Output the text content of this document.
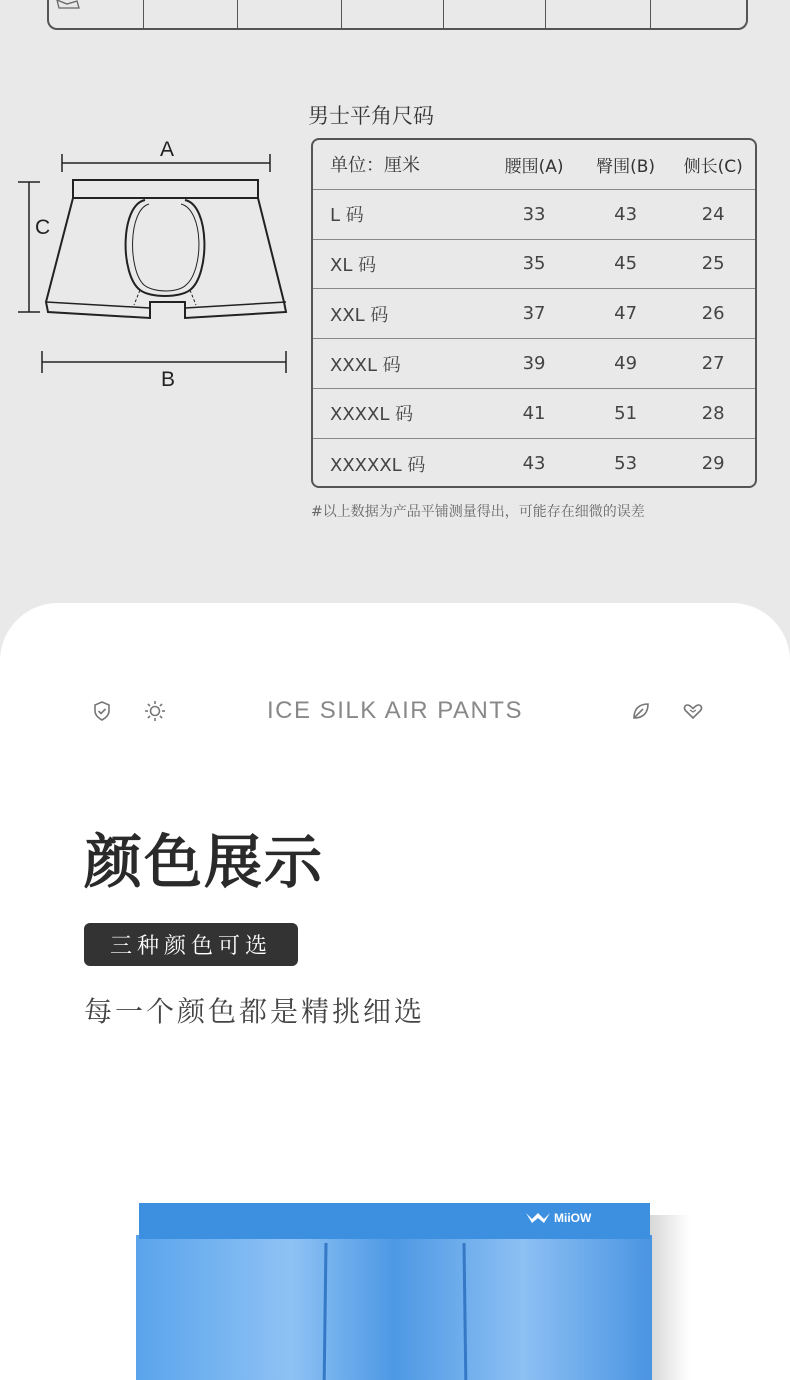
男士平角尺码
A
C
B
单位：厘米	腰围(A)	臀围(B)	侧长(C)
L 码	33	43	24
XL 码	35	45	25
XXL 码	37	47	26
XXXL 码	39	49	27
XXXXL 码	41	51	28
XXXXXL 码	43	53	29
#以上数据为产品平铺测量得出，可能存在细微的误差
ICE SILK AIR PANTS
颜色展示
三种颜色可选
每一个颜色都是精挑细选
MiiOW
